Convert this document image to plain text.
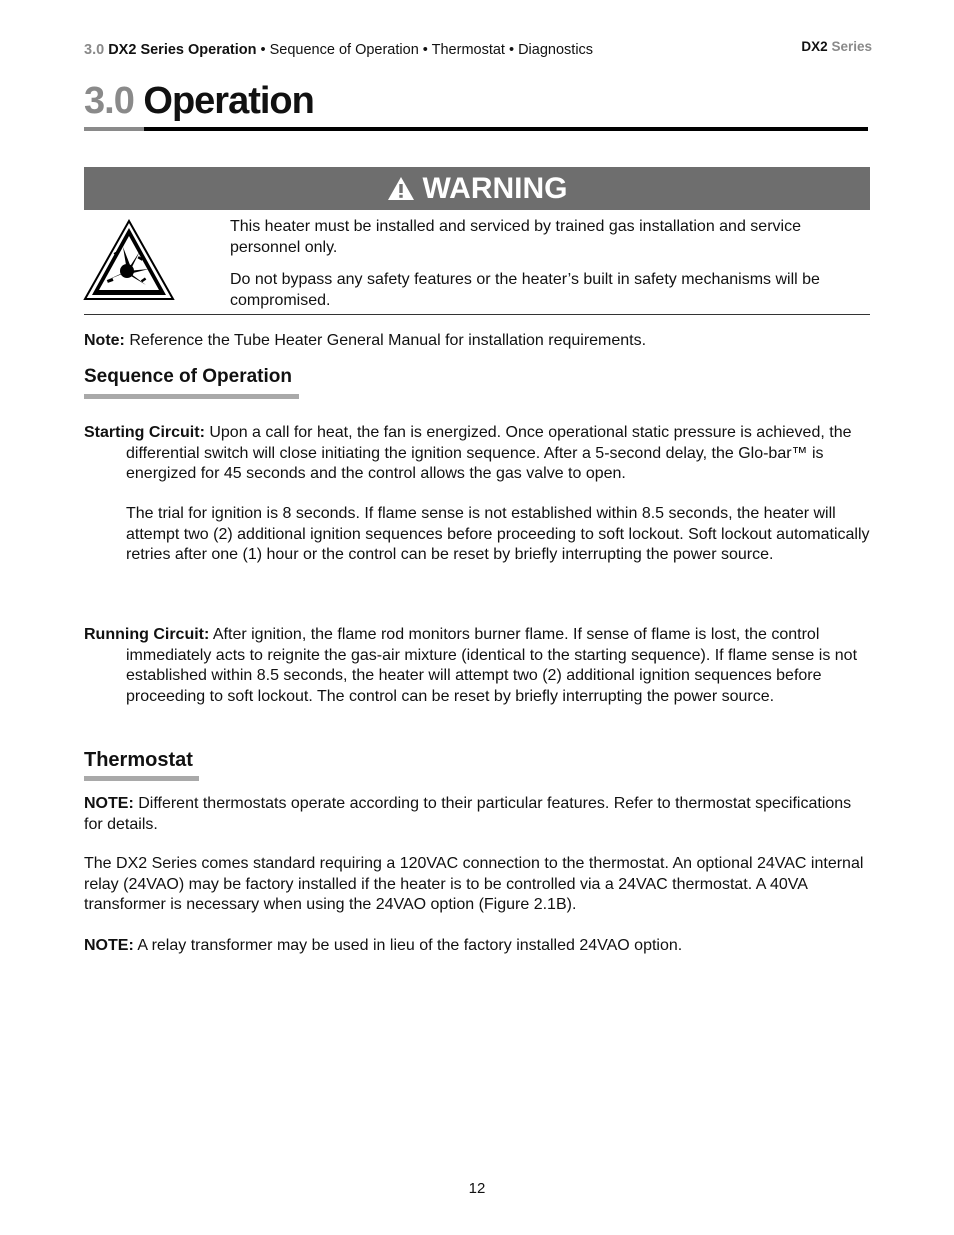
3.0 DX2 Series Operation • Sequence of Operation • Thermostat • Diagnostics	DX2 Series
3.0 Operation
WARNING
This heater must be installed and serviced by trained gas installation and service personnel only.
Do not bypass any safety features or the heater’s built in safety mechanisms will be compromised.
Note: Reference the Tube Heater General Manual for installation requirements.
Sequence of Operation
Starting Circuit: Upon a call for heat, the fan is energized. Once operational static pressure is achieved, the differential switch will close initiating the ignition sequence. After a 5-second delay, the Glo-bar™ is energized for 45 seconds and the control allows the gas valve to open.
The trial for ignition is 8 seconds. If flame sense is not established within 8.5 seconds, the heater will attempt two (2) additional ignition sequences before proceeding to soft lockout. Soft lockout automatically retries after one (1) hour or the control can be reset by briefly interrupting the power source.
Running Circuit: After ignition, the flame rod monitors burner flame. If sense of flame is lost, the control immediately acts to reignite the gas-air mixture (identical to the starting sequence). If flame sense is not established within 8.5 seconds, the heater will attempt two (2) additional ignition sequences before proceeding to soft lockout. The control can be reset by briefly interrupting the power source.
Thermostat
NOTE: Different thermostats operate according to their particular features. Refer to thermostat specifications for details.
The DX2 Series comes standard requiring a 120VAC connection to the thermostat. An optional 24VAC internal relay (24VAO) may be factory installed if the heater is to be controlled via a 24VAC thermostat. A 40VA transformer is necessary when using the 24VAO option (Figure 2.1B).
NOTE: A relay transformer may be used in lieu of the factory installed 24VAO option.
12
